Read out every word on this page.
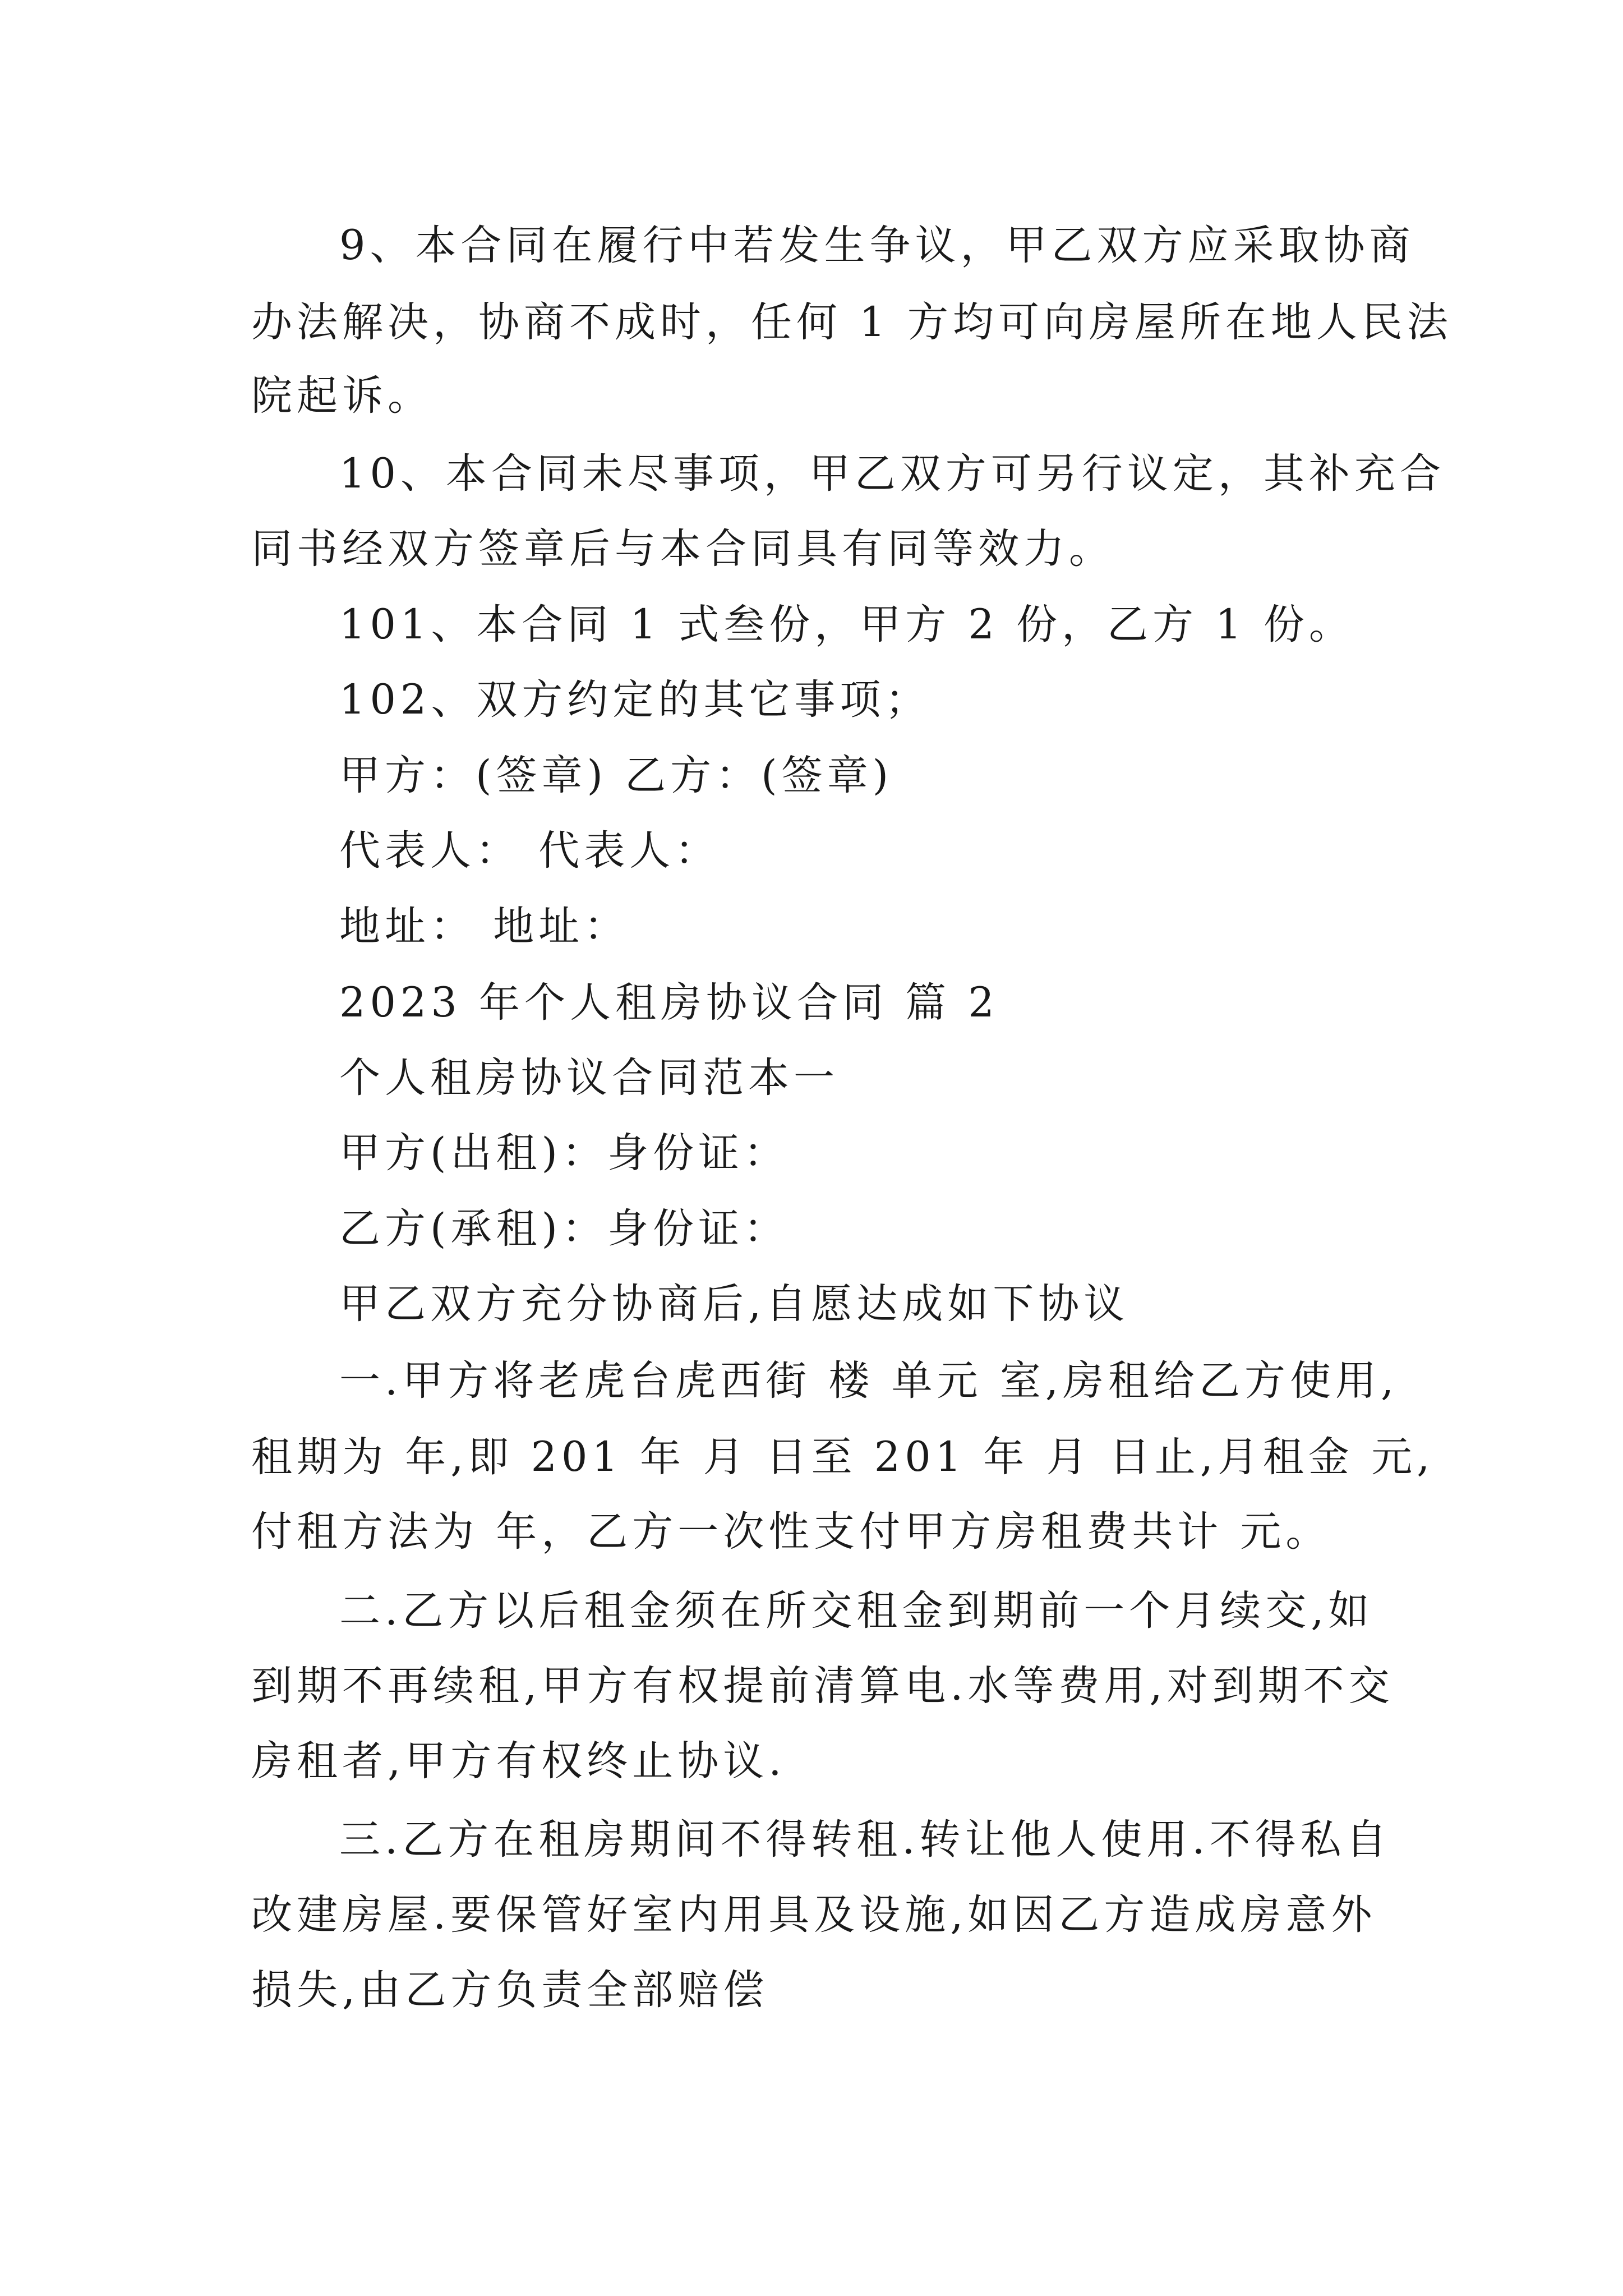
9、本合同在履行中若发生争议，甲乙双方应采取协商
办法解决，协商不成时，任何 1 方均可向房屋所在地人民法
院起诉。
10、本合同未尽事项，甲乙双方可另行议定，其补充合
同书经双方签章后与本合同具有同等效力。
101、本合同 1 式叁份，甲方 2 份，乙方 1 份。
102、双方约定的其它事项；
甲方：(签章) 乙方：(签章)
代表人： 代表人：
地址： 地址：
2023 年个人租房协议合同 篇 2
个人租房协议合同范本一
甲方(出租)：身份证：
乙方(承租)：身份证：
甲乙双方充分协商后,自愿达成如下协议
一.甲方将老虎台虎西街 楼 单元 室,房租给乙方使用,
租期为 年,即 201 年 月 日至 201 年 月 日止,月租金 元,
付租方法为 年，乙方一次性支付甲方房租费共计 元。
二.乙方以后租金须在所交租金到期前一个月续交,如
到期不再续租,甲方有权提前清算电.水等费用,对到期不交
房租者,甲方有权终止协议.
三.乙方在租房期间不得转租.转让他人使用.不得私自
改建房屋.要保管好室内用具及设施,如因乙方造成房意外
损失,由乙方负责全部赔偿
